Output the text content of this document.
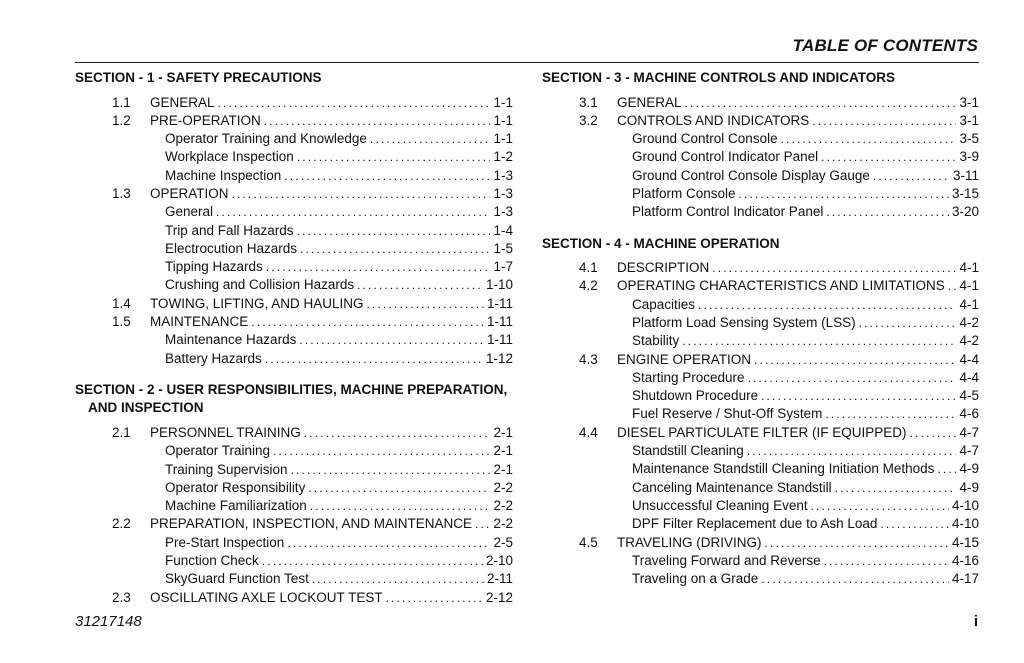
TABLE OF CONTENTS
SECTION - 1 - SAFETY PRECAUTIONS
1.1 GENERAL . . .	1-1
1.2 PRE-OPERATION . . .	1-1
Operator Training and Knowledge . . .	1-1
Workplace Inspection . . .	1-2
Machine Inspection . . .	1-3
1.3 OPERATION . . .	1-3
General . . .	1-3
Trip and Fall Hazards . . .	1-4
Electrocution Hazards . . .	1-5
Tipping Hazards . . .	1-7
Crushing and Collision Hazards . . .	1-10
1.4 TOWING, LIFTING, AND HAULING . . .	1-11
1.5 MAINTENANCE . . .	1-11
Maintenance Hazards . . .	1-11
Battery Hazards . . .	1-12
SECTION - 2 - USER RESPONSIBILITIES, MACHINE PREPARATION, AND INSPECTION
2.1 PERSONNEL TRAINING . . .	2-1
Operator Training . . .	2-1
Training Supervision . . .	2-1
Operator Responsibility . . .	2-2
Machine Familiarization . . .	2-2
2.2 PREPARATION, INSPECTION, AND MAINTENANCE . . . 2-2
Pre-Start Inspection . . .	2-5
Function Check . . .	2-10
SkyGuard Function Test . . .	2-11
2.3 OSCILLATING AXLE LOCKOUT TEST . . .	2-12
SECTION - 3 - MACHINE CONTROLS AND INDICATORS
3.1 GENERAL . . .	3-1
3.2 CONTROLS AND INDICATORS . . .	3-1
Ground Control Console . . .	3-5
Ground Control Indicator Panel . . .	3-9
Ground Control Console Display Gauge . . .	3-11
Platform Console . . .	3-15
Platform Control Indicator Panel . . .	3-20
SECTION - 4 - MACHINE OPERATION
4.1 DESCRIPTION . . .	4-1
4.2 OPERATING CHARACTERISTICS AND LIMITATIONS . . . 4-1
Capacities . . .	4-1
Platform Load Sensing System (LSS) . . .	4-2
Stability . . .	4-2
4.3 ENGINE OPERATION . . .	4-4
Starting Procedure . . .	4-4
Shutdown Procedure . . .	4-5
Fuel Reserve / Shut-Off System . . .	4-6
4.4 DIESEL PARTICULATE FILTER (IF EQUIPPED) . . .	4-7
Standstill Cleaning . . .	4-7
Maintenance Standstill Cleaning Initiation Methods . . . 4-9
Canceling Maintenance Standstill . . .	4-9
Unsuccessful Cleaning Event . . .	4-10
DPF Filter Replacement due to Ash Load . . .	4-10
4.5 TRAVELING (DRIVING) . . .	4-15
Traveling Forward and Reverse . . .	4-16
Traveling on a Grade . . .	4-17
31217148	i
